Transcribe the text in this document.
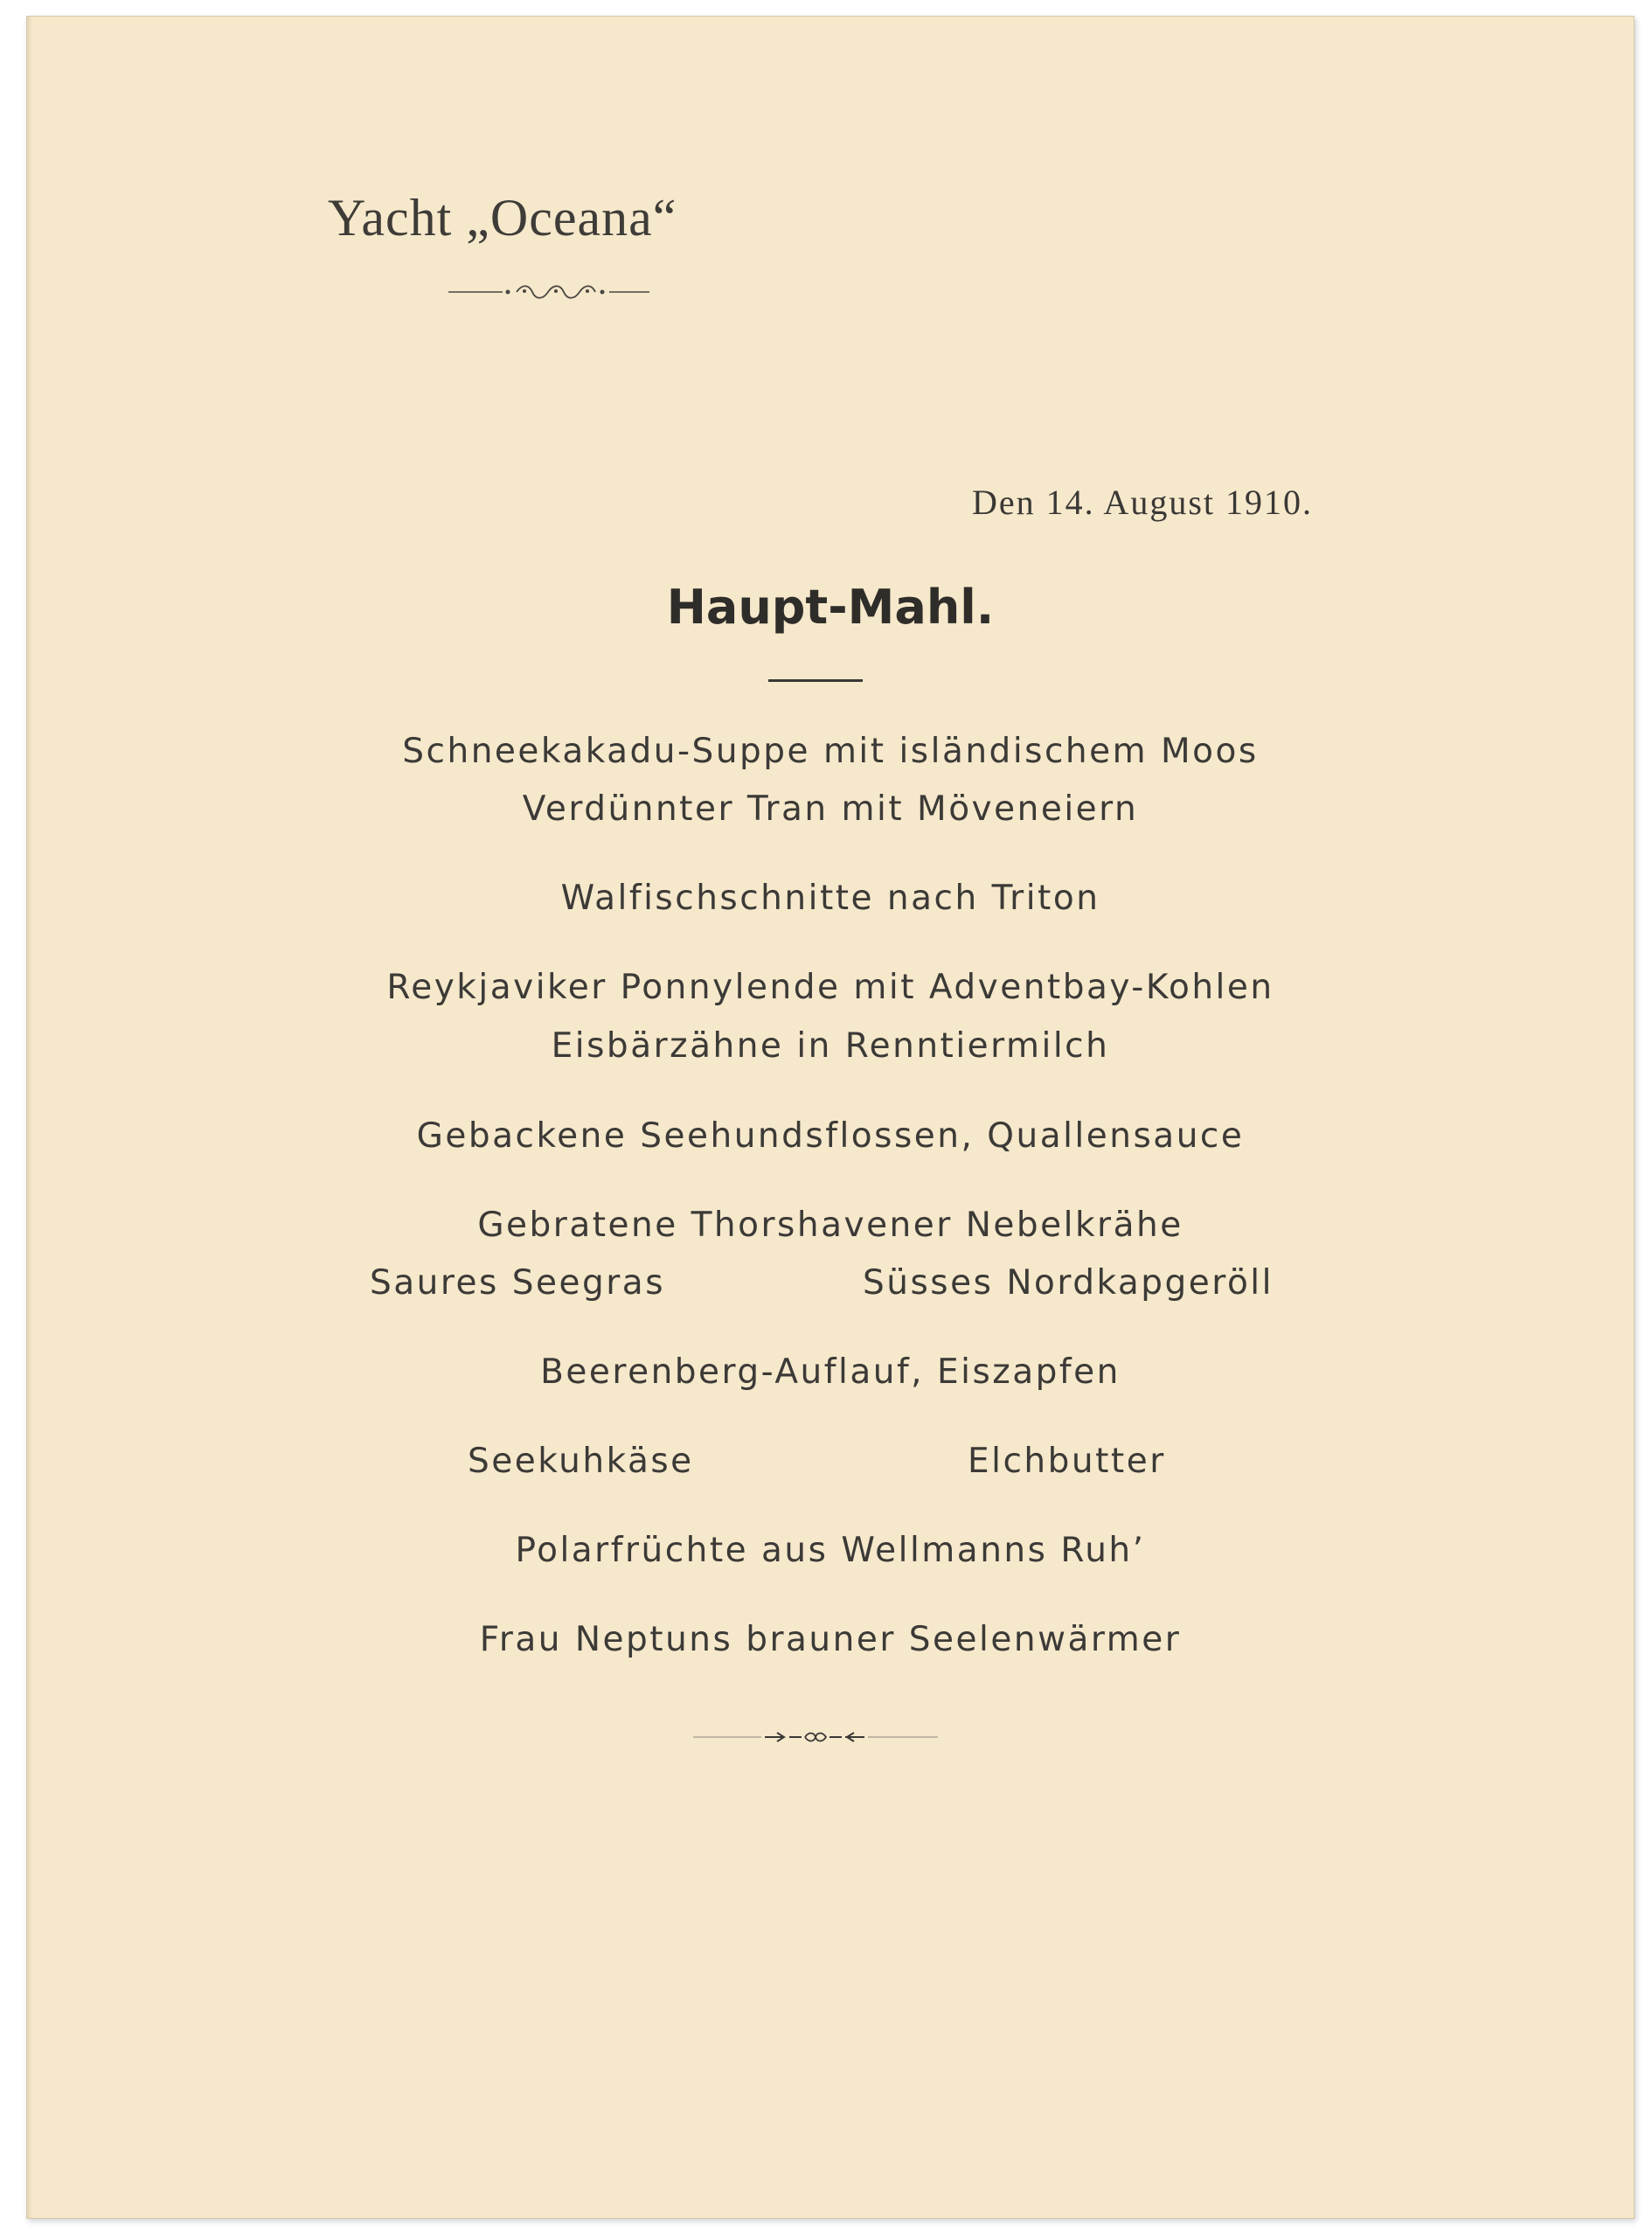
Yacht „Oceana“
Den 14. August 1910.
Haupt-Mahl.
Schneekakadu-Suppe mit isländischem Moos
Verdünnter Tran mit Möveneiern
Walfischschnitte nach Triton
Reykjaviker Ponnylende mit Adventbay-Kohlen
Eisbärzähne in Renntiermilch
Gebackene Seehundsflossen, Quallensauce
Gebratene Thorshavener Nebelkrähe
Saures Seegras	Süsses Nordkapgeröll
Beerenberg-Auflauf, Eiszapfen
Seekuhkäse	Elchbutter
Polarfrüchte aus Wellmanns Ruh’
Frau Neptuns brauner Seelenwärmer
